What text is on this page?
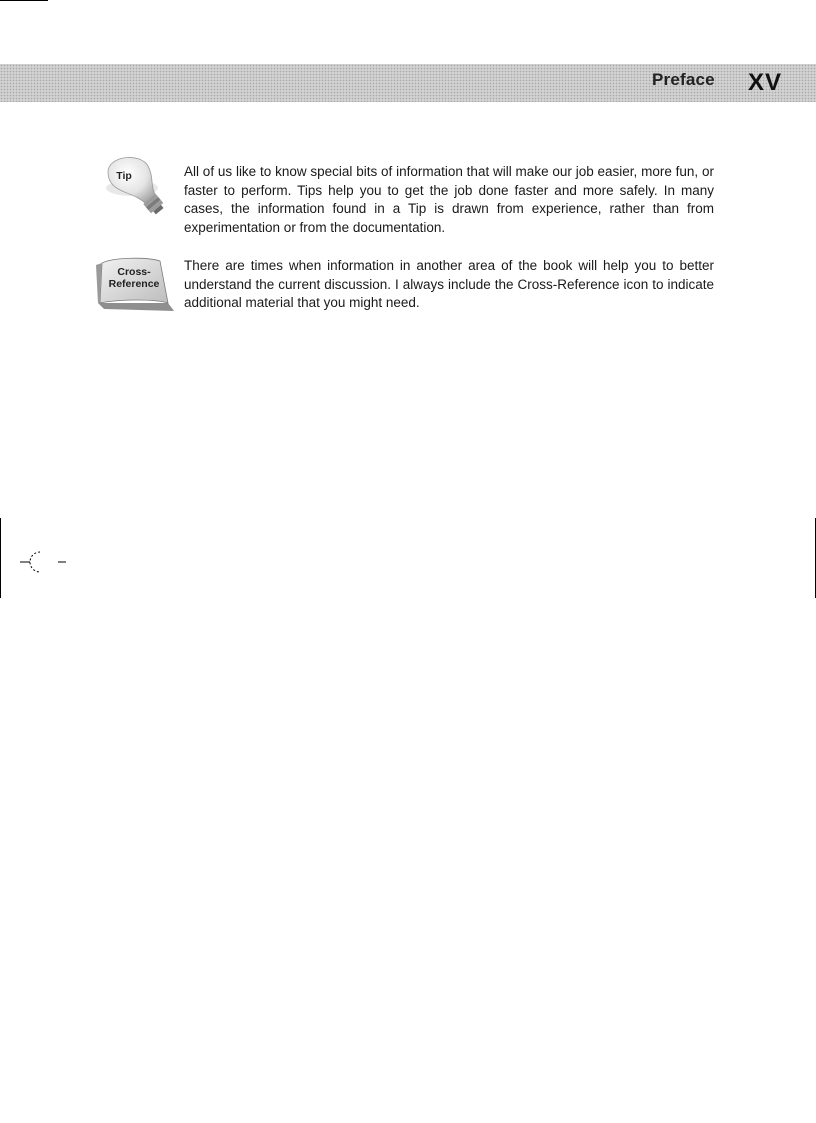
Preface XV
Tip	All of us like to know special bits of information that will make our job easier, more fun, or faster to perform. Tips help you to get the job done faster and more safely. In many cases, the information found in a Tip is drawn from experience, rather than from experimentation or from the documentation.

Cross-
Reference

There are times when information in another area of the book will help you to better understand the current discussion. I always include the Cross-Reference icon to indicate additional material that you might need.
